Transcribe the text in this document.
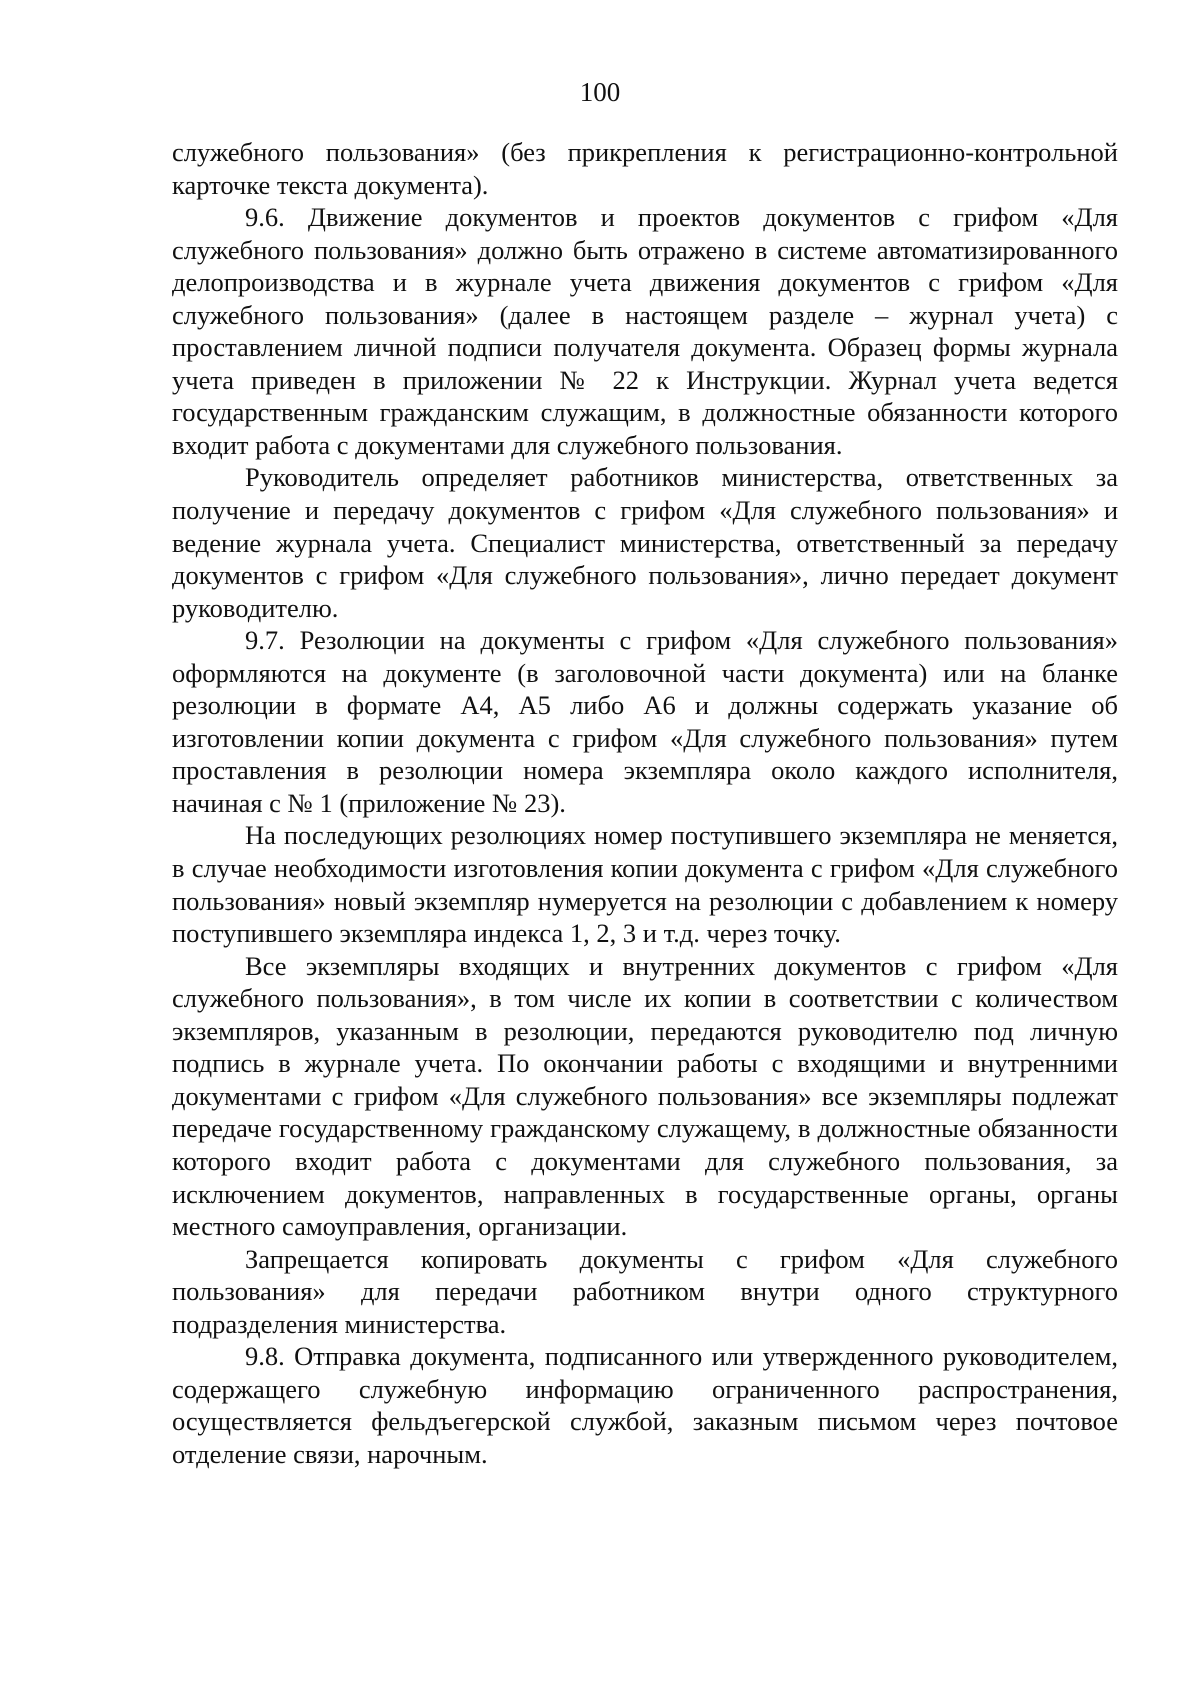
100

служебного пользования» (без прикрепления к регистрационно-контрольной карточке текста документа).

9.6. Движение документов и проектов документов с грифом «Для служебного пользования» должно быть отражено в системе автоматизированного делопроизводства и в журнале учета движения документов с грифом «Для служебного пользования» (далее в настоящем разделе – журнал учета) с проставлением личной подписи получателя документа. Образец формы журнала учета приведен в приложении № 22 к Инструкции. Журнал учета ведется государственным гражданским служащим, в должностные обязанности которого входит работа с документами для служебного пользования.

Руководитель определяет работников министерства, ответственных за получение и передачу документов с грифом «Для служебного пользования» и ведение журнала учета. Специалист министерства, ответственный за передачу документов с грифом «Для служебного пользования», лично передает документ руководителю.

9.7. Резолюции на документы с грифом «Для служебного пользования» оформляются на документе (в заголовочной части документа) или на бланке резолюции в формате А4, А5 либо А6 и должны содержать указание об изготовлении копии документа с грифом «Для служебного пользования» путем проставления в резолюции номера экземпляра около каждого исполнителя, начиная с № 1 (приложение № 23).

На последующих резолюциях номер поступившего экземпляра не меняется, в случае необходимости изготовления копии документа с грифом «Для служебного пользования» новый экземпляр нумеруется на резолюции с добавлением к номеру поступившего экземпляра индекса 1, 2, 3 и т.д. через точку.

Все экземпляры входящих и внутренних документов с грифом «Для служебного пользования», в том числе их копии в соответствии с количеством экземпляров, указанным в резолюции, передаются руководителю под личную подпись в журнале учета. По окончании работы с входящими и внутренними документами с грифом «Для служебного пользования» все экземпляры подлежат передаче государственному гражданскому служащему, в должностные обязанности которого входит работа с документами для служебного пользования, за исключением документов, направленных в государственные органы, органы местного самоуправления, организации.

Запрещается копировать документы с грифом «Для служебного пользования» для передачи работником внутри одного структурного подразделения министерства.

9.8. Отправка документа, подписанного или утвержденного руководителем, содержащего служебную информацию ограниченного распространения, осуществляется фельдъегерской службой, заказным письмом через почтовое отделение связи, нарочным.
